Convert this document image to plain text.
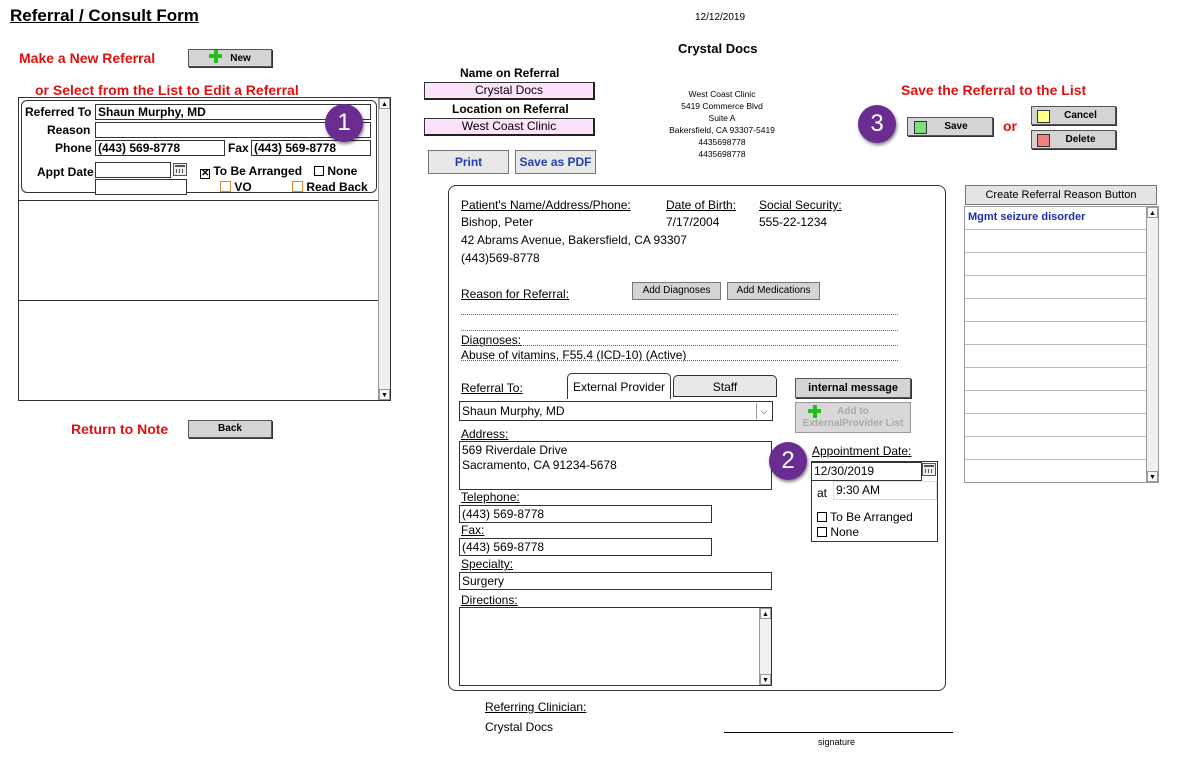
Referral / Consult Form	12/12/2019
Crystal Docs
Make a New Referral	New
or Select from the List to Edit a Referral
Referred To Shaun Murphy, MD
Reason
Phone (443) 569-8778	Fax (443) 569-8778
Appt Date	✕ To Be Arranged	None
VO	Read Back
▲
▼
1
Return to Note	Back
Name on Referral
Crystal Docs
Location on Referral
West Coast Clinic
Print	Save as PDF
West Coast Clinic
5419 Commerce Blvd
Suite A
Bakersfield, CA 93307-5419
4435698778
4435698778
Save the Referral to the List
3	Save	or
Cancel
Delete
Patient's Name/Address/Phone:
Bishop, Peter
42 Abrams Avenue, Bakersfield, CA 93307
(443)569-8778
Date of Birth:
7/17/2004
Social Security:
555-22-1234
Reason for Referral:	Add Diagnoses	Add Medications
Diagnoses:
Abuse of vitamins, F55.4 (ICD-10) (Active)
Referral To:	External Provider	Staff
Shaun Murphy, MD	⌵
internal message
Add to
ExternalProvider List
Address:
569 Riverdale Drive
Sacramento, CA 91234-5678
Telephone:
(443) 569-8778
Fax:
(443) 569-8778
Specialty:
Surgery
Directions:
▲
▼
2	Appointment Date:
12/30/2019
at 9:30 AM
To Be Arranged
None
Referring Clinician:
Crystal Docs
signature
Create Referral Reason Button
Mgmt seizure disorder	▲
▼
